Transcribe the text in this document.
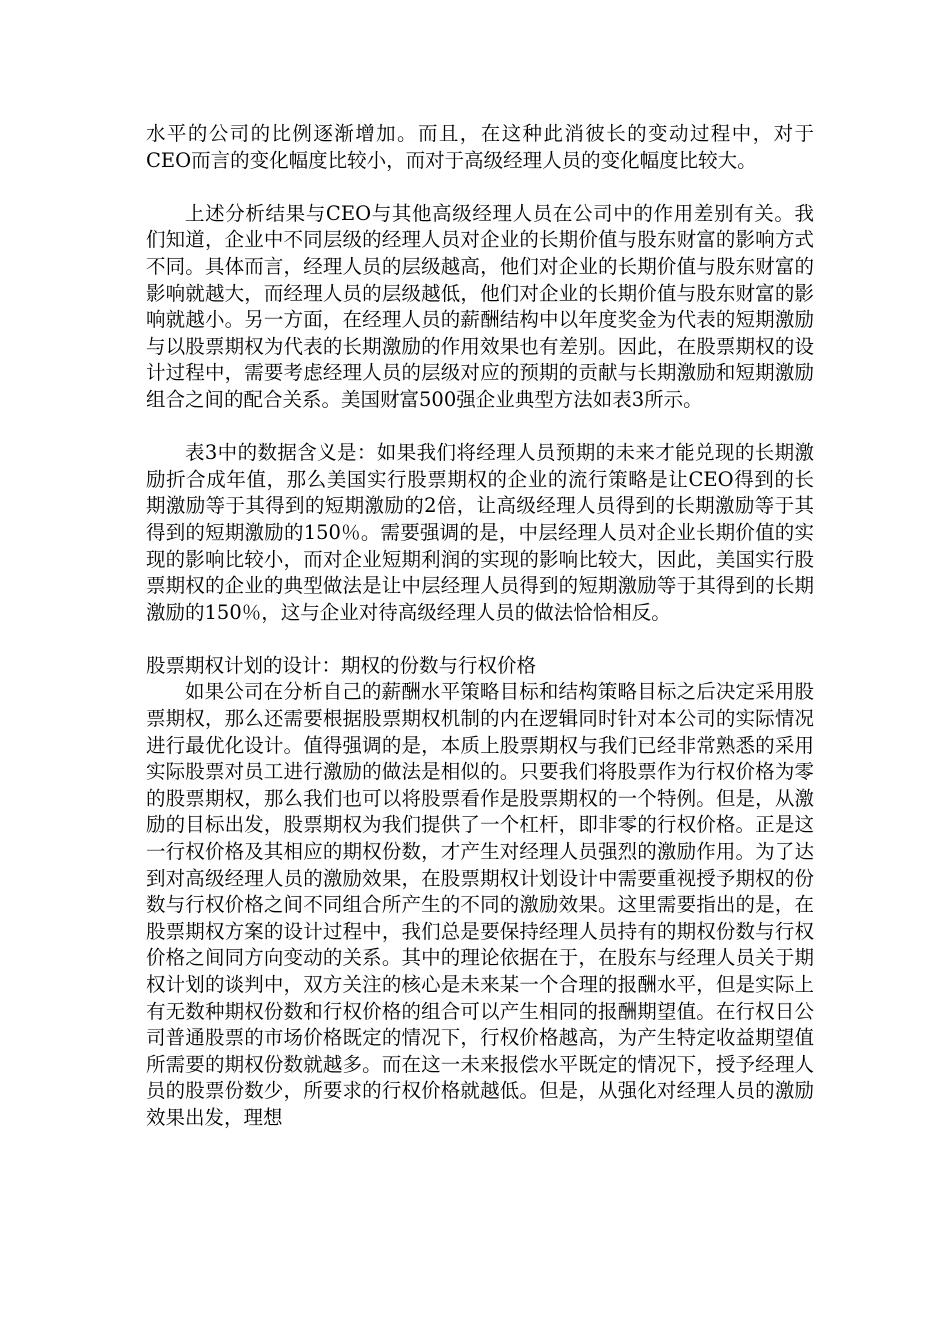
水平的公司的比例逐渐增加。而且，在这种此消彼长的变动过程中，对于CEO而言的变化幅度比较小，而对于高级经理人员的变化幅度比较大。

上述分析结果与CEO与其他高级经理人员在公司中的作用差别有关。我们知道，企业中不同层级的经理人员对企业的长期价值与股东财富的影响方式不同。具体而言，经理人员的层级越高，他们对企业的长期价值与股东财富的影响就越大，而经理人员的层级越低，他们对企业的长期价值与股东财富的影响就越小。另一方面，在经理人员的薪酬结构中以年度奖金为代表的短期激励与以股票期权为代表的长期激励的作用效果也有差别。因此，在股票期权的设计过程中，需要考虑经理人员的层级对应的预期的贡献与长期激励和短期激励组合之间的配合关系。美国财富500强企业典型方法如表3所示。

表3中的数据含义是：如果我们将经理人员预期的未来才能兑现的长期激励折合成年值，那么美国实行股票期权的企业的流行策略是让CEO得到的长期激励等于其得到的短期激励的2倍，让高级经理人员得到的长期激励等于其得到的短期激励的150％。需要强调的是，中层经理人员对企业长期价值的实现的影响比较小，而对企业短期利润的实现的影响比较大，因此，美国实行股票期权的企业的典型做法是让中层经理人员得到的短期激励等于其得到的长期激励的150％，这与企业对待高级经理人员的做法恰恰相反。

股票期权计划的设计：期权的份数与行权价格

如果公司在分析自己的薪酬水平策略目标和结构策略目标之后决定采用股票期权，那么还需要根据股票期权机制的内在逻辑同时针对本公司的实际情况进行最优化设计。值得强调的是，本质上股票期权与我们已经非常熟悉的采用实际股票对员工进行激励的做法是相似的。只要我们将股票作为行权价格为零的股票期权，那么我们也可以将股票看作是股票期权的一个特例。但是，从激励的目标出发，股票期权为我们提供了一个杠杆，即非零的行权价格。正是这一行权价格及其相应的期权份数，才产生对经理人员强烈的激励作用。为了达到对高级经理人员的激励效果，在股票期权计划设计中需要重视授予期权的份数与行权价格之间不同组合所产生的不同的激励效果。这里需要指出的是，在股票期权方案的设计过程中，我们总是要保持经理人员持有的期权份数与行权价格之间同方向变动的关系。其中的理论依据在于，在股东与经理人员关于期权计划的谈判中，双方关注的核心是未来某一个合理的报酬水平，但是实际上有无数种期权份数和行权价格的组合可以产生相同的报酬期望值。在行权日公司普通股票的市场价格既定的情况下，行权价格越高，为产生特定收益期望值所需要的期权份数就越多。而在这一未来报偿水平既定的情况下，授予经理人员的股票份数少，所要求的行权价格就越低。但是，从强化对经理人员的激励效果出发，理想
